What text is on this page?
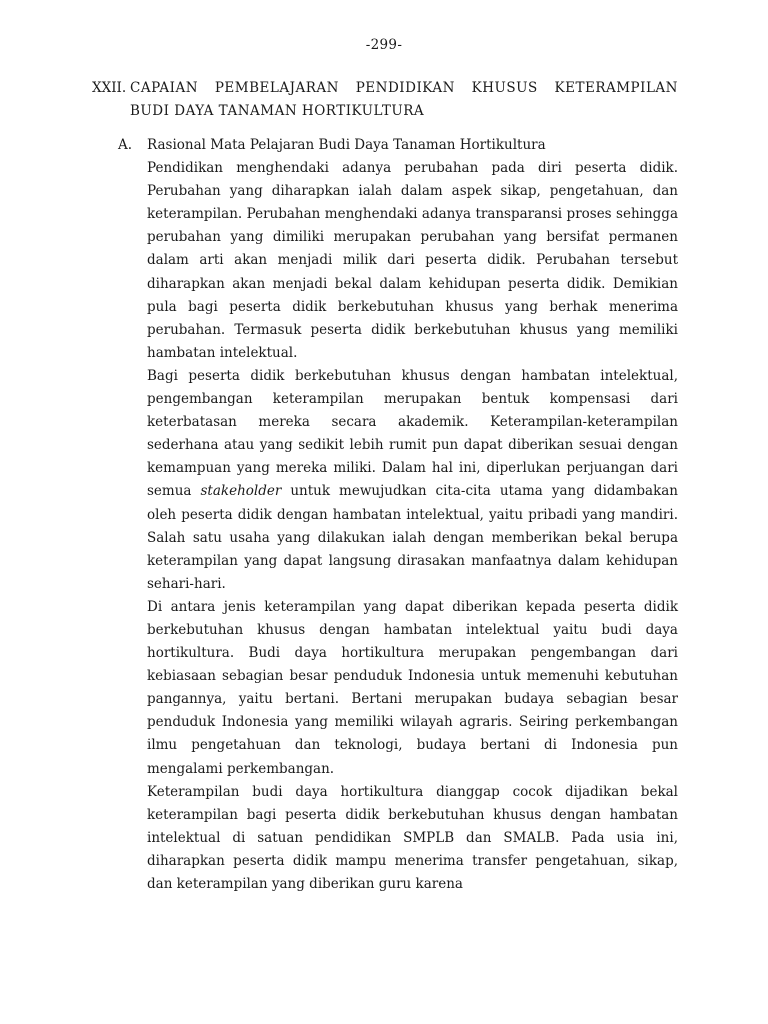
-299-
XXII. CAPAIAN PEMBELAJARAN PENDIDIKAN KHUSUS KETERAMPILAN
BUDI DAYA TANAMAN HORTIKULTURA
A.	Rasional Mata Pelajaran Budi Daya Tanaman Hortikultura

Pendidikan menghendaki adanya perubahan pada diri peserta didik. Perubahan yang diharapkan ialah dalam aspek sikap, pengetahuan, dan keterampilan. Perubahan menghendaki adanya transparansi proses sehingga perubahan yang dimiliki merupakan perubahan yang bersifat permanen dalam arti akan menjadi milik dari peserta didik. Perubahan tersebut diharapkan akan menjadi bekal dalam kehidupan peserta didik. Demikian pula bagi peserta didik berkebutuhan khusus yang berhak menerima perubahan. Termasuk peserta didik berkebutuhan khusus yang memiliki hambatan intelektual.

Bagi peserta didik berkebutuhan khusus dengan hambatan intelektual, pengembangan keterampilan merupakan bentuk kompensasi dari keterbatasan mereka secara akademik. Keterampilan-keterampilan sederhana atau yang sedikit lebih rumit pun dapat diberikan sesuai dengan kemampuan yang mereka miliki. Dalam hal ini, diperlukan perjuangan dari semua stakeholder untuk mewujudkan cita-cita utama yang didambakan oleh peserta didik dengan hambatan intelektual, yaitu pribadi yang mandiri. Salah satu usaha yang dilakukan ialah dengan memberikan bekal berupa keterampilan yang dapat langsung dirasakan manfaatnya dalam kehidupan sehari-hari.

Di antara jenis keterampilan yang dapat diberikan kepada peserta didik berkebutuhan khusus dengan hambatan intelektual yaitu budi daya hortikultura. Budi daya hortikultura merupakan pengembangan dari kebiasaan sebagian besar penduduk Indonesia untuk memenuhi kebutuhan pangannya, yaitu bertani. Bertani merupakan budaya sebagian besar penduduk Indonesia yang memiliki wilayah agraris. Seiring perkembangan ilmu pengetahuan dan teknologi, budaya bertani di Indonesia pun mengalami perkembangan.

Keterampilan budi daya hortikultura dianggap cocok dijadikan bekal keterampilan bagi peserta didik berkebutuhan khusus dengan hambatan intelektual di satuan pendidikan SMPLB dan SMALB. Pada usia ini, diharapkan peserta didik mampu menerima transfer pengetahuan, sikap, dan keterampilan yang diberikan guru karena
